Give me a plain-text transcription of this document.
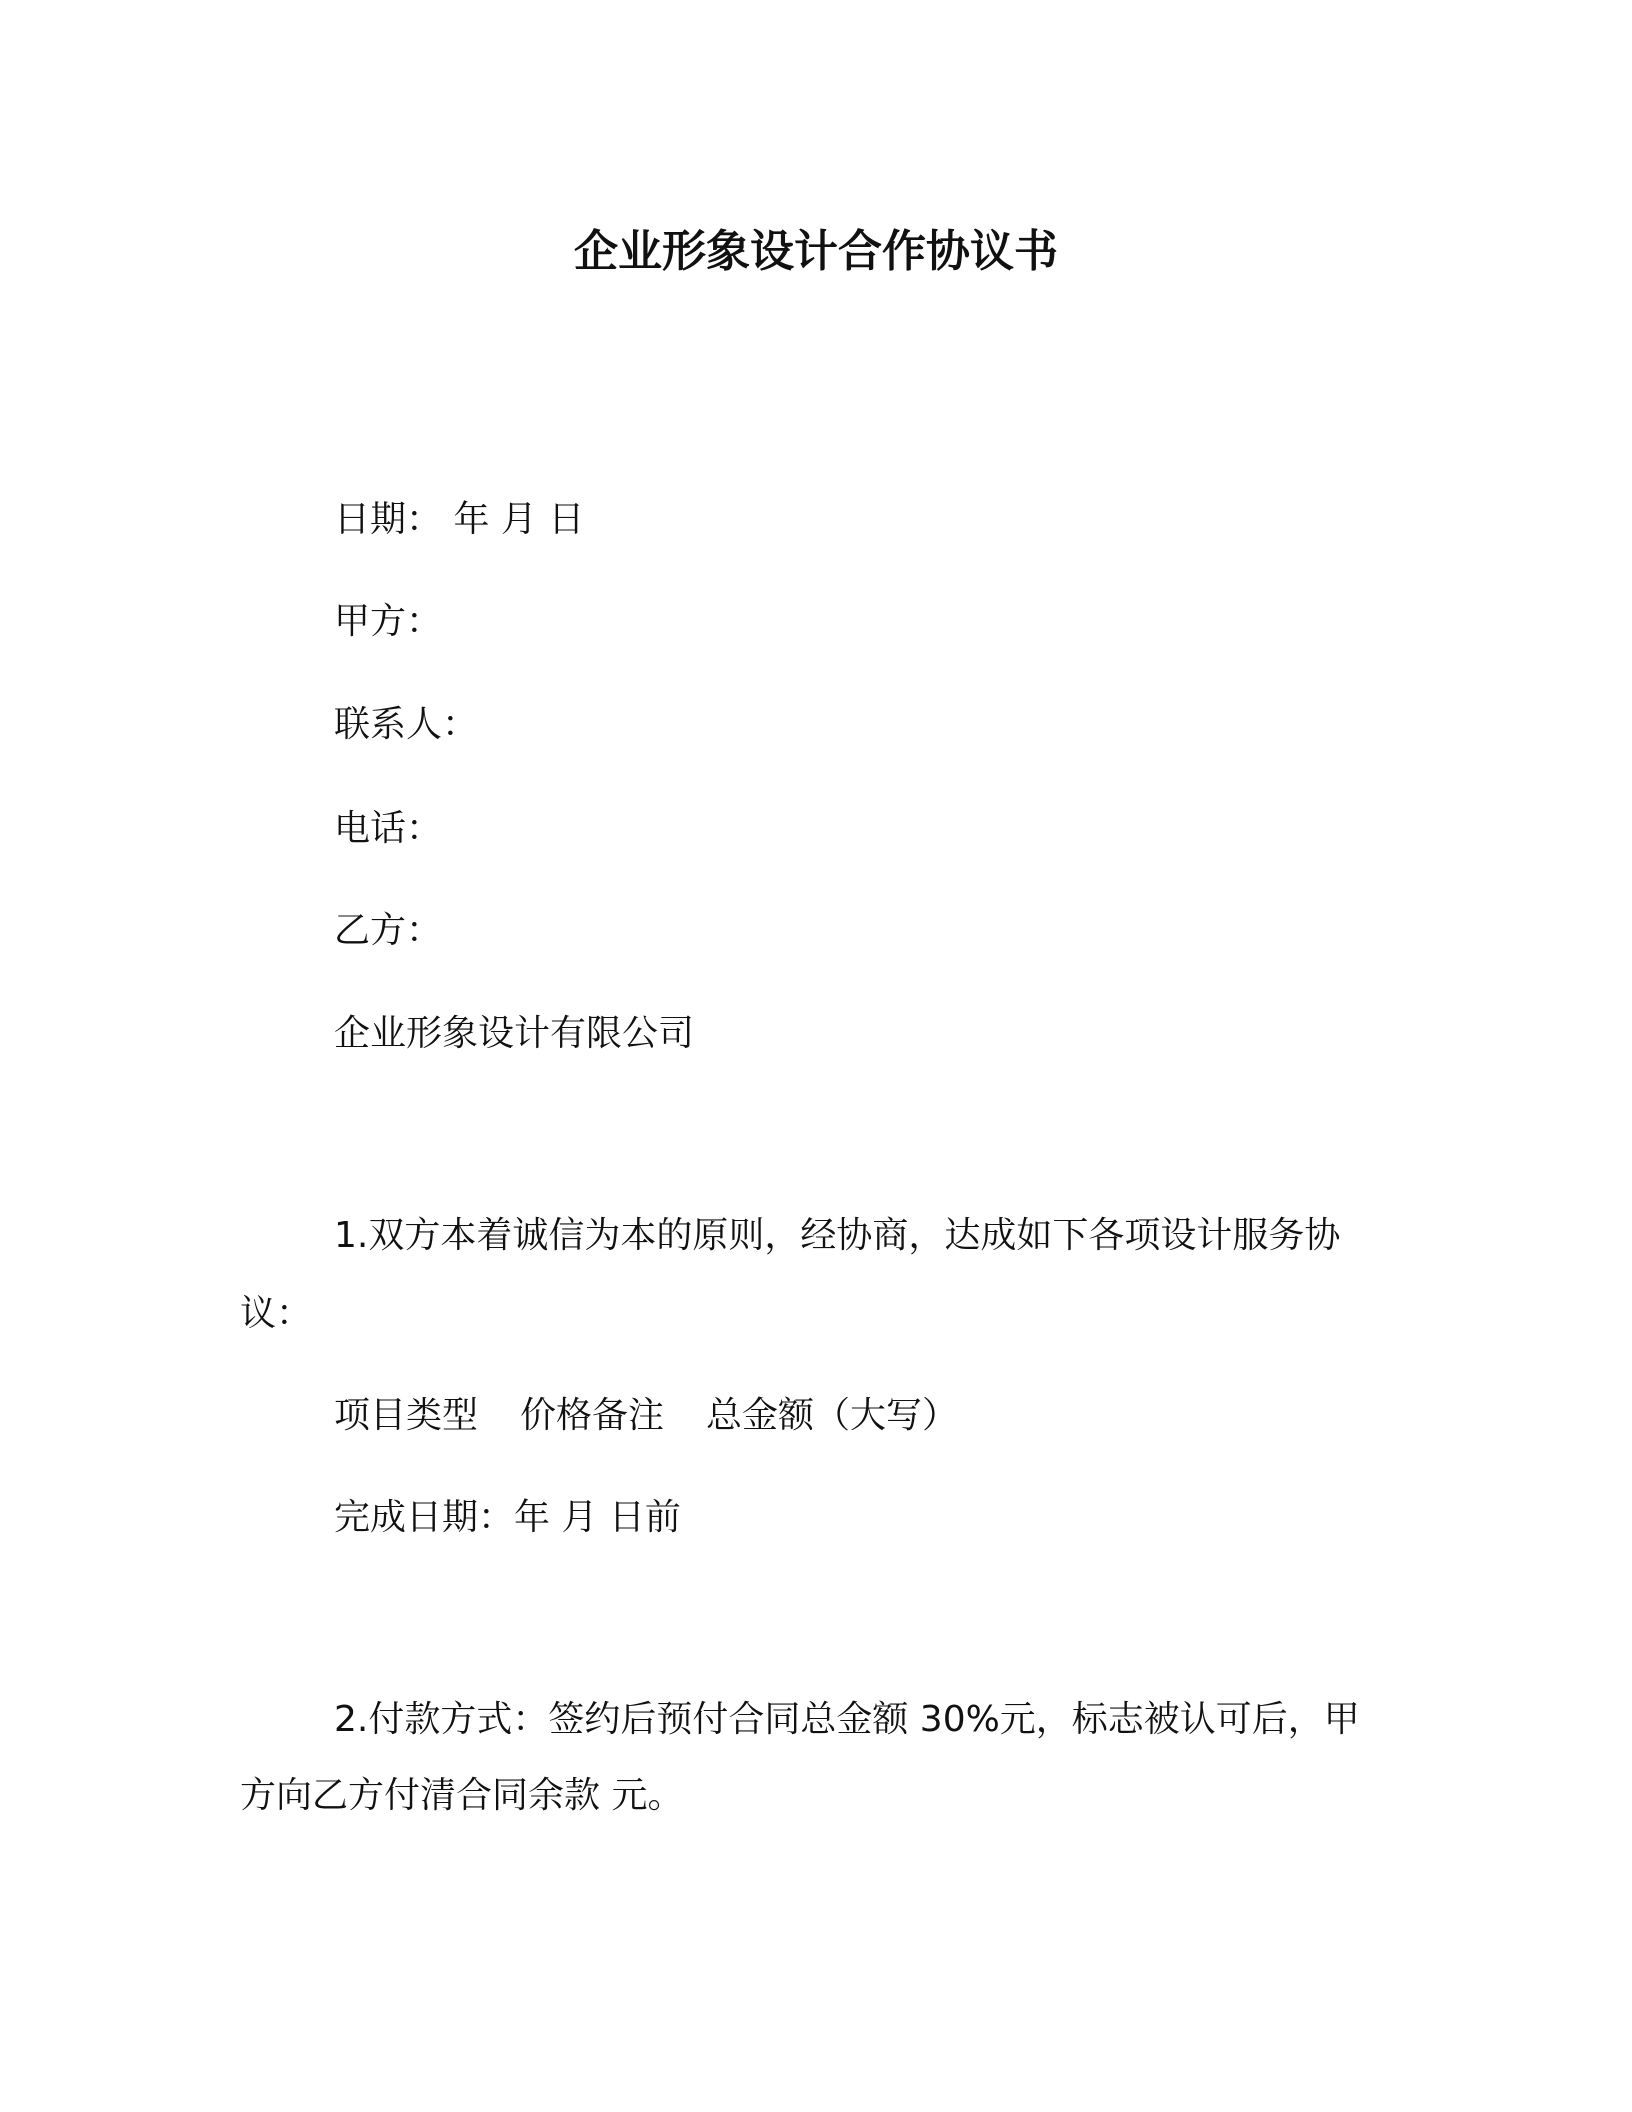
企业形象设计合作协议书
日期： 年 月 日
甲方：
联系人：
电话：
乙方：
企业形象设计有限公司
1.双方本着诚信为本的原则，经协商，达成如下各项设计服务协
议：
项目类型 价格备注 总金额（大写）
完成日期：年 月 日前
2.付款方式：签约后预付合同总金额 30%元，标志被认可后，甲
方向乙方付清合同余款 元。
